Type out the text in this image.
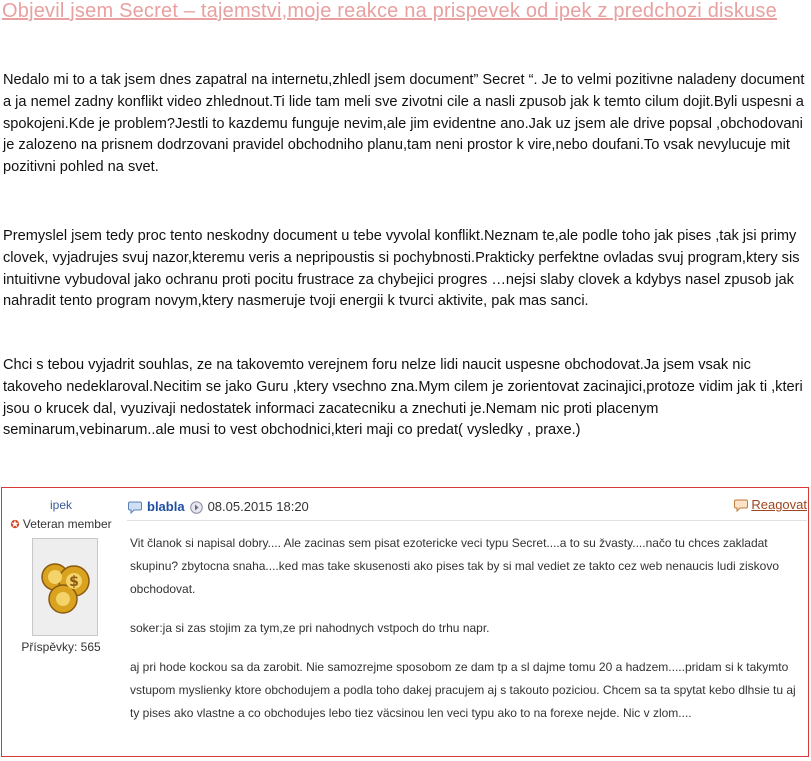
Objevil jsem Secret – tajemstvi,moje reakce na prispevek od ipek z predchozi diskuse

Nedalo mi to a tak jsem dnes zapatral na internetu,zhledl jsem document” Secret “. Je to velmi pozitivne naladeny document a ja nemel zadny konflikt video zhlednout.Ti lide tam meli sve zivotni cile a nasli zpusob jak k temto cilum dojit.Byli uspesni a spokojeni.Kde je problem?Jestli to kazdemu funguje nevim,ale jim evidentne ano.Jak uz jsem ale drive popsal ,obchodovani je zalozeno na prisnem dodrzovani pravidel obchodniho planu,tam neni prostor k vire,nebo doufani.To vsak nevylucuje mit pozitivni pohled na svet.

Premyslel jsem tedy proc tento neskodny document u tebe vyvolal konflikt.Neznam te,ale podle toho jak pises ,tak jsi primy clovek, vyjadrujes svuj nazor,kteremu veris a nepripoustis si pochybnosti.Prakticky perfektne ovladas svuj program,ktery sis intuitivne vybudoval jako ochranu proti pocitu frustrace za chybejici progres …nejsi slaby clovek a kdybys nasel zpusob jak nahradit tento program novym,ktery nasmeruje tvoji energii k tvurci aktivite, pak mas sanci.

Chci s tebou vyjadrit souhlas, ze na takovemto verejnem foru nelze lidi naucit uspesne obchodovat.Ja jsem vsak nic takoveho nedeklaroval.Necitim se jako Guru ,ktery vsechno zna.Mym cilem je zorientovat zacinajici,protoze vidim jak ti ,kteri jsou o krucek dal, vyuzivaji nedostatek informaci zacatecniku a znechuti je.Nemam nic proti placenym seminarum,vebinarum..ale musi to vest obchodnici,kteri maji co predat( vysledky , praxe.)

ipek
✪ Veteran member
$
Příspěvky: 565
blabla 08.05.2015 18:20	Reagovat

Vit članok si napisal dobry.... Ale zacinas sem pisat ezotericke veci typu Secret....a to su žvasty....načo tu chces zakladat skupinu? zbytocna snaha....ked mas take skusenosti ako pises tak by si mal vediet ze takto cez web nenaucis ludi ziskovo obchodovat.

soker:ja si zas stojim za tym,ze pri nahodnych vstpoch do trhu napr.

aj pri hode kockou sa da zarobit. Nie samozrejme sposobom ze dam tp a sl dajme tomu 20 a hadzem.....pridam si k takymto vstupom myslienky ktore obchodujem a podla toho dakej pracujem aj s takouto poziciou. Chcem sa ta spytat kebo dlhsie tu aj ty pises ako vlastne a co obchodujes lebo tiez väcsinou len veci typu ako to na forexe nejde. Nic v zlom....
